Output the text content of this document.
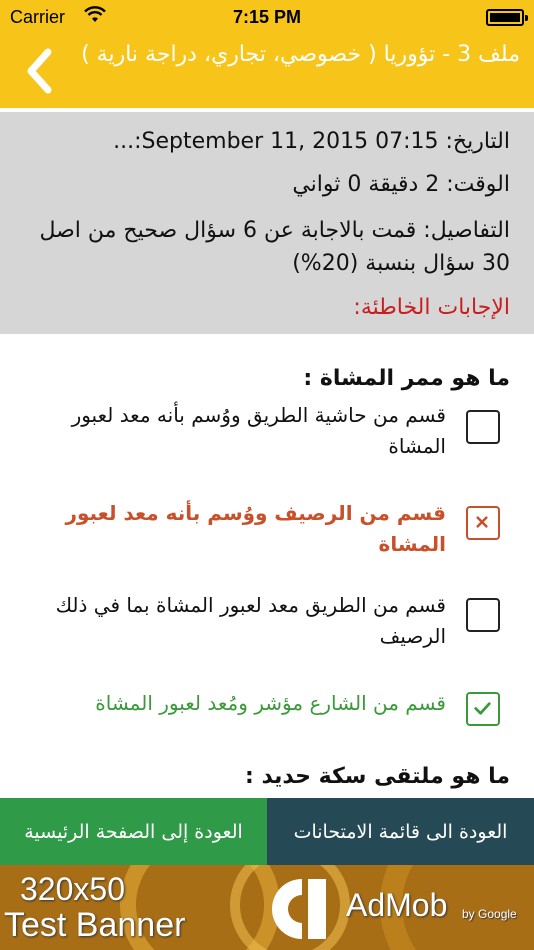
Carrier	7:15 PM
ملف 3 - تؤوريا ( خصوصي، تجاري، دراجة نارية )
التاريخ: September 11, 2015 07:15:...
الوقت: 2 دقيقة 0 ثواني
التفاصيل: قمت بالاجابة عن 6 سؤال صحيح من اصل 30 سؤال بنسبة (20%)
الإجابات الخاطئة:
ما هو ممر المشاة :
قسم من حاشية الطريق ووُسم بأنه معد لعبور المشاة
قسم من الرصيف ووُسم بأنه معد لعبور المشاة
قسم من الطريق معد لعبور المشاة بما في ذلك الرصيف
قسم من الشارع مؤشر ومُعد لعبور المشاة
ما هو ملتقى سكة حديد :
العودة إلى الصفحة الرئيسية	العودة الى قائمة الامتحانات
320x50
Test Banner
AdMob by Google
